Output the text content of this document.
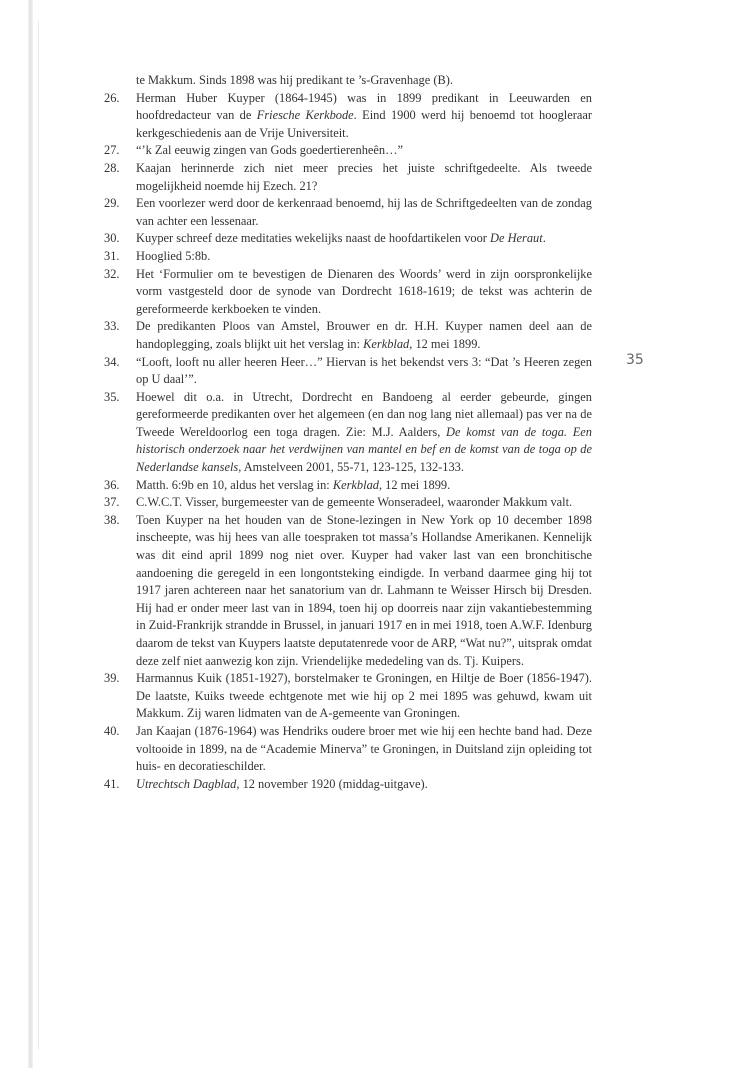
te Makkum. Sinds 1898 was hij predikant te ’s-Gravenhage (B).
26.	Herman Huber Kuyper (1864-1945) was in 1899 predikant in Leeuwarden en hoofdredacteur van de Friesche Kerkbode. Eind 1900 werd hij benoemd tot hoogleraar kerkgeschiedenis aan de Vrije Universiteit.
27.	“’k Zal eeuwig zingen van Gods goedertierenheên…”
28.	Kaajan herinnerde zich niet meer precies het juiste schriftgedeelte. Als tweede mogelijkheid noemde hij Ezech. 21?
29.	Een voorlezer werd door de kerkenraad benoemd, hij las de Schriftgedeelten van de zondag van achter een lessenaar.
30.	Kuyper schreef deze meditaties wekelijks naast de hoofdartikelen voor De Heraut.
31.	Hooglied 5:8b.
32.	Het ‘Formulier om te bevestigen de Dienaren des Woords’ werd in zijn oorspronkelijke vorm vastgesteld door de synode van Dordrecht 1618-1619; de tekst was achterin de gereformeerde kerkboeken te vinden.
33.	De predikanten Ploos van Amstel, Brouwer en dr. H.H. Kuyper namen deel aan de handoplegging, zoals blijkt uit het verslag in: Kerkblad, 12 mei 1899.
34.	“Looft, looft nu aller heeren Heer…” Hiervan is het bekendst vers 3: “Dat ’s Heeren zegen op U daal’”.
35.	Hoewel dit o.a. in Utrecht, Dordrecht en Bandoeng al eerder gebeurde, gingen gereformeerde predikanten over het algemeen (en dan nog lang niet allemaal) pas ver na de Tweede Wereldoorlog een toga dragen. Zie: M.J. Aalders, De komst van de toga. Een historisch onderzoek naar het verdwijnen van mantel en bef en de komst van de toga op de Nederlandse kansels, Amstelveen 2001, 55-71, 123-125, 132-133.
36.	Matth. 6:9b en 10, aldus het verslag in: Kerkblad, 12 mei 1899.
37.	C.W.C.T. Visser, burgemeester van de gemeente Wonseradeel, waaronder Makkum valt.
38.	Toen Kuyper na het houden van de Stone-lezingen in New York op 10 december 1898 inscheepte, was hij hees van alle toespraken tot massa’s Hollandse Amerikanen. Kennelijk was dit eind april 1899 nog niet over. Kuyper had vaker last van een bronchitische aandoening die geregeld in een longontsteking eindigde. In verband daarmee ging hij tot 1917 jaren achtereen naar het sanatorium van dr. Lahmann te Weisser Hirsch bij Dresden. Hij had er onder meer last van in 1894, toen hij op doorreis naar zijn vakantiebestemming in Zuid-Frankrijk strandde in Brussel, in januari 1917 en in mei 1918, toen A.W.F. Idenburg daarom de tekst van Kuypers laatste deputatenrede voor de ARP, “Wat nu?”, uitsprak omdat deze zelf niet aanwezig kon zijn. Vriendelijke mededeling van ds. Tj. Kuipers.
39.	Harmannus Kuik (1851-1927), borstelmaker te Groningen, en Hiltje de Boer (1856-1947). De laatste, Kuiks tweede echtgenote met wie hij op 2 mei 1895 was gehuwd, kwam uit Makkum. Zij waren lidmaten van de A-gemeente van Groningen.
40.	Jan Kaajan (1876-1964) was Hendriks oudere broer met wie hij een hechte band had. Deze voltooide in 1899, na de “Academie Minerva” te Groningen, in Duitsland zijn opleiding tot huis- en decoratieschilder.
41.	Utrechtsch Dagblad, 12 november 1920 (middag-uitgave).
35
